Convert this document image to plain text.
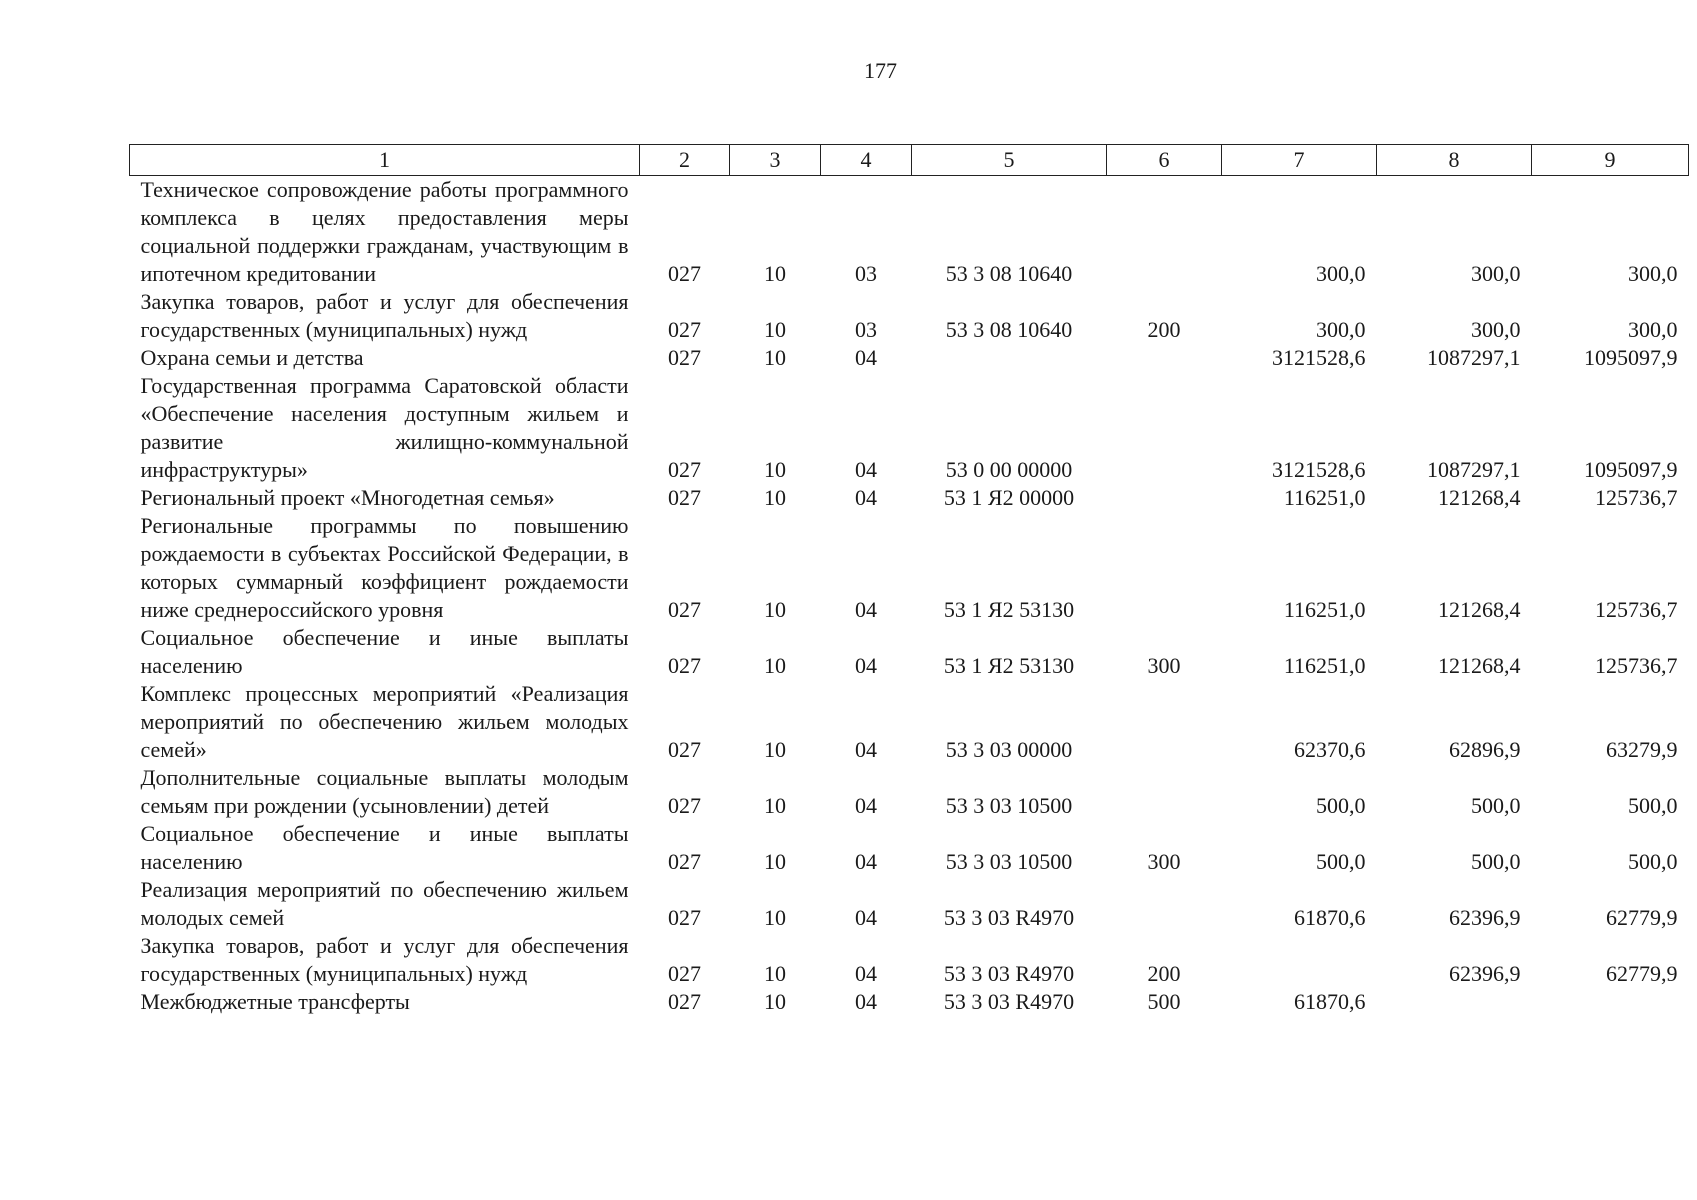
177
1	2	3	4	5	6	7	8	9
Техническое сопровождение работы программного комплекса в целях предоставления меры социальной поддержки гражданам, участвующим в ипотечном кредитовании	027	10	03	53 3 08 10640		300,0	300,0	300,0
Закупка товаров, работ и услуг для обеспечения государственных (муниципальных) нужд	027	10	03	53 3 08 10640	200	300,0	300,0	300,0
Охрана семьи и детства	027	10	04			3121528,6	1087297,1	1095097,9
Государственная программа Саратовской области «Обеспечение населения доступным жильем и развитие жилищно-коммунальной инфраструктуры»	027	10	04	53 0 00 00000		3121528,6	1087297,1	1095097,9
Региональный проект «Многодетная семья»	027	10	04	53 1 Я2 00000		116251,0	121268,4	125736,7
Региональные программы по повышению рождаемости в субъектах Российской Федерации, в которых суммарный коэффициент рождаемости ниже среднероссийского уровня	027	10	04	53 1 Я2 53130		116251,0	121268,4	125736,7
Социальное обеспечение и иные выплаты населению	027	10	04	53 1 Я2 53130	300	116251,0	121268,4	125736,7
Комплекс процессных мероприятий «Реализация мероприятий по обеспечению жильем молодых семей»	027	10	04	53 3 03 00000		62370,6	62896,9	63279,9
Дополнительные социальные выплаты молодым семьям при рождении (усыновлении) детей	027	10	04	53 3 03 10500		500,0	500,0	500,0
Социальное обеспечение и иные выплаты населению	027	10	04	53 3 03 10500	300	500,0	500,0	500,0
Реализация мероприятий по обеспечению жильем молодых семей	027	10	04	53 3 03 R4970		61870,6	62396,9	62779,9
Закупка товаров, работ и услуг для обеспечения государственных (муниципальных) нужд	027	10	04	53 3 03 R4970	200		62396,9	62779,9
Межбюджетные трансферты	027	10	04	53 3 03 R4970	500	61870,6		
